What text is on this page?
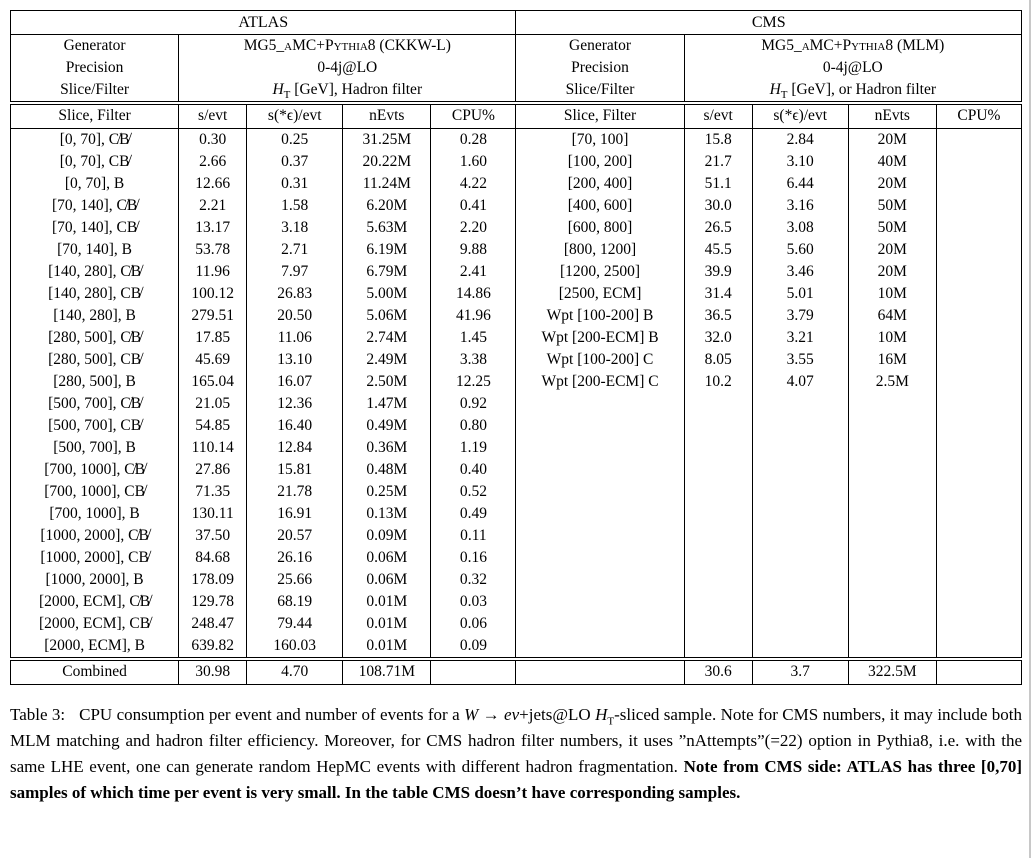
ATLAS					CMS				
Generator	MG5_aMC+Pythia8 (CKKW-L)				Generator	MG5_aMC+Pythia8 (MLM)			
Precision	0-4j@LO				Precision	0-4j@LO			
Slice/Filter	$H_T$ [GeV], Hadron filter				Slice/Filter	$H_T$ [GeV], or Hadron filter			
Slice, Filter	s/evt	s(*ϵ)/evt	nEvts	CPU%	Slice, Filter	s/evt	s(*ϵ)/evt	nEvts	CPU%
[0, 70], C̸B̸	0.30	0.25	31.25M	0.28	[70, 100]	15.8	2.84	20M	
[0, 70], CB̸	2.66	0.37	20.22M	1.60	[100, 200]	21.7	3.10	40M	
[0, 70], B	12.66	0.31	11.24M	4.22	[200, 400]	51.1	6.44	20M	
[70, 140], C̸B̸	2.21	1.58	6.20M	0.41	[400, 600]	30.0	3.16	50M	
[70, 140], CB̸	13.17	3.18	5.63M	2.20	[600, 800]	26.5	3.08	50M	
[70, 140], B	53.78	2.71	6.19M	9.88	[800, 1200]	45.5	5.60	20M	
[140, 280], C̸B̸	11.96	7.97	6.79M	2.41	[1200, 2500]	39.9	3.46	20M	
[140, 280], CB̸	100.12	26.83	5.00M	14.86	[2500, ECM]	31.4	5.01	10M	
[140, 280], B	279.51	20.50	5.06M	41.96	Wpt [100-200] B	36.5	3.79	64M	
[280, 500], C̸B̸	17.85	11.06	2.74M	1.45	Wpt [200-ECM] B	32.0	3.21	10M	
[280, 500], CB̸	45.69	13.10	2.49M	3.38	Wpt [100-200] C	8.05	3.55	16M	
[280, 500], B	165.04	16.07	2.50M	12.25	Wpt [200-ECM] C	10.2	4.07	2.5M	
[500, 700], C̸B̸	21.05	12.36	1.47M	0.92					
[500, 700], CB̸	54.85	16.40	0.49M	0.80					
[500, 700], B	110.14	12.84	0.36M	1.19					
[700, 1000], C̸B̸	27.86	15.81	0.48M	0.40					
[700, 1000], CB̸	71.35	21.78	0.25M	0.52					
[700, 1000], B	130.11	16.91	0.13M	0.49					
[1000, 2000], C̸B̸	37.50	20.57	0.09M	0.11					
[1000, 2000], CB̸	84.68	26.16	0.06M	0.16					
[1000, 2000], B	178.09	25.66	0.06M	0.32					
[2000, ECM], C̸B̸	129.78	68.19	0.01M	0.03					
[2000, ECM], CB̸	248.47	79.44	0.01M	0.06					
[2000, ECM], B	639.82	160.03	0.01M	0.09					
Combined	30.98	4.70	108.71M			30.6	3.7	322.5M	

Table 3: CPU consumption per event and number of events for a W → eν+jets@LO $H_T$-sliced sample. Note for CMS numbers, it may include both MLM matching and hadron filter efficiency. Moreover, for CMS hadron filter numbers, it uses ”nAttempts”(=22) option in Pythia8, i.e. with the same LHE event, one can generate random HepMC events with different hadron fragmentation. Note from CMS side: ATLAS has three [0,70] samples of which time per event is very small. In the table CMS doesn’t have corresponding samples.
